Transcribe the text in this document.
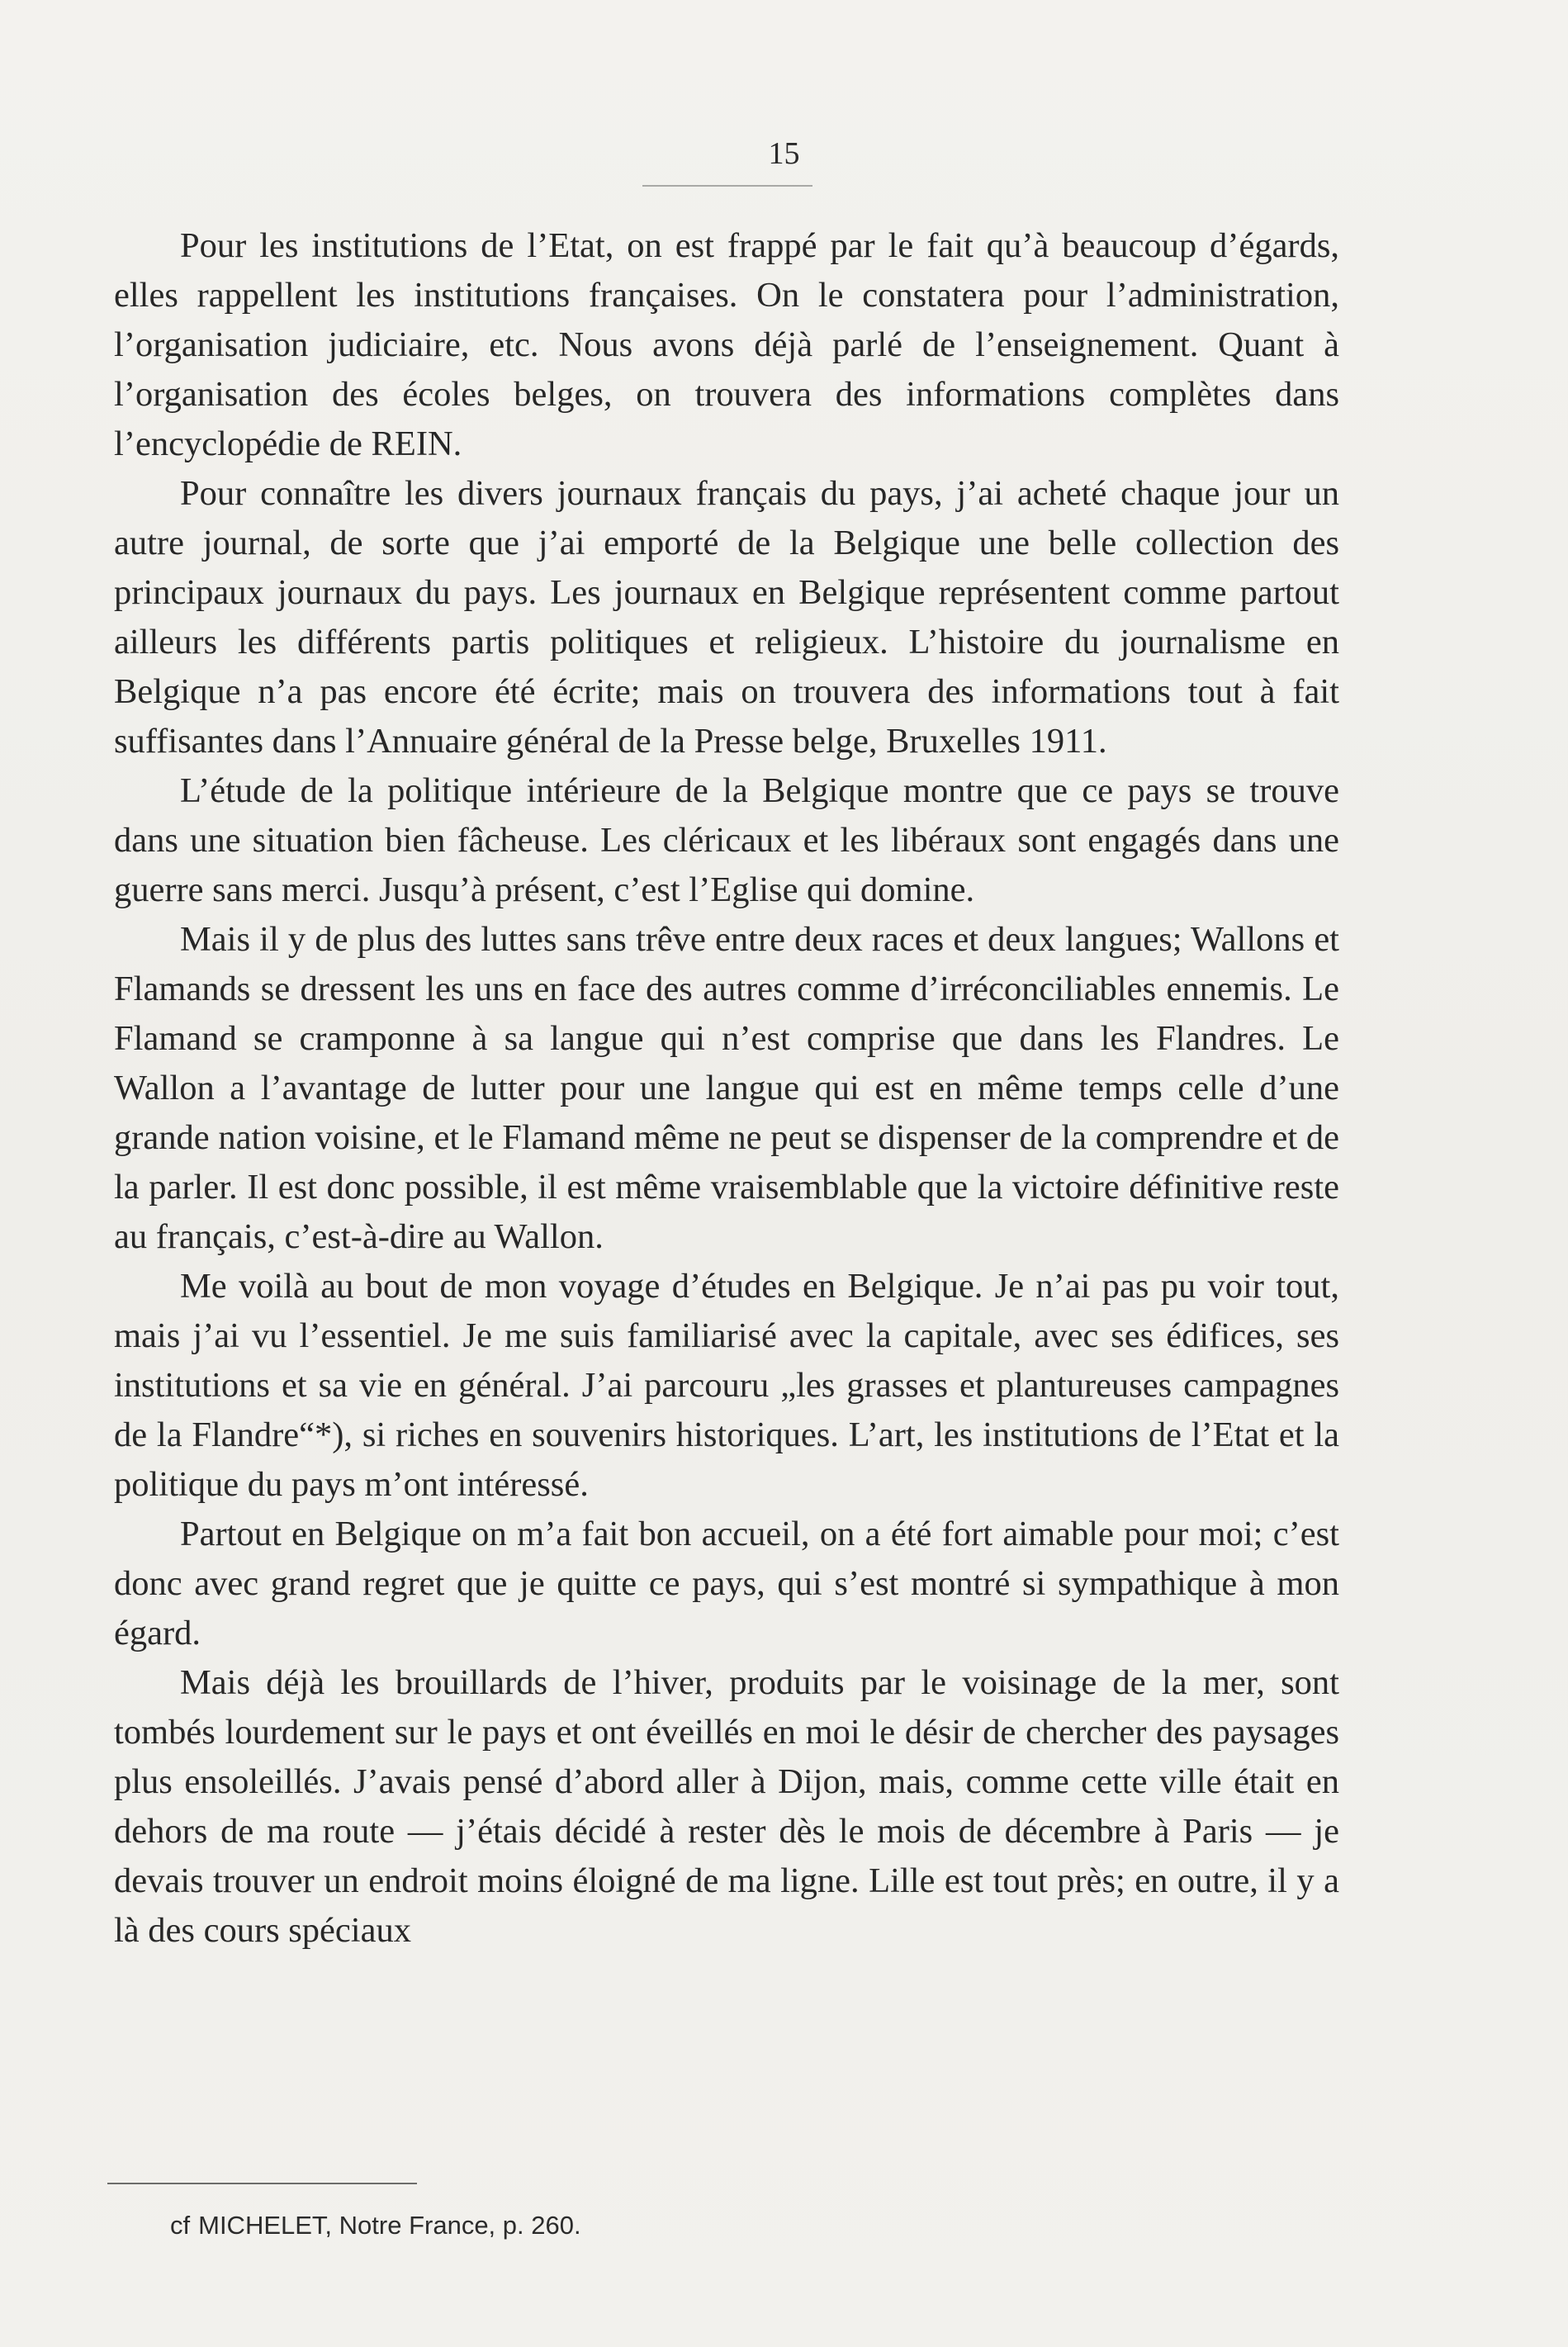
15

Pour les institutions de l’Etat, on est frappé par le fait qu’à beaucoup d’égards, elles rappellent les institutions françaises. On le constatera pour l’administration, l’organisation judiciaire, etc. Nous avons déjà parlé de l’enseignement. Quant à l’organisation des écoles belges, on trouvera des informations complètes dans l’encyclopédie de REIN.

Pour connaître les divers journaux français du pays, j’ai acheté chaque jour un autre journal, de sorte que j’ai emporté de la Belgique une belle collection des principaux journaux du pays. Les journaux en Belgique représentent comme partout ailleurs les différents partis politiques et religieux. L’histoire du journalisme en Belgique n’a pas encore été écrite; mais on trouvera des informations tout à fait suffisantes dans l’Annuaire général de la Presse belge, Bruxelles 1911.

L’étude de la politique intérieure de la Belgique montre que ce pays se trouve dans une situation bien fâcheuse. Les cléricaux et les libéraux sont engagés dans une guerre sans merci. Jusqu’à présent, c’est l’Eglise qui domine.

Mais il y de plus des luttes sans trêve entre deux races et deux langues; Wallons et Flamands se dressent les uns en face des autres comme d’irréconciliables ennemis. Le Flamand se cramponne à sa langue qui n’est comprise que dans les Flandres. Le Wallon a l’avantage de lutter pour une langue qui est en même temps celle d’une grande nation voisine, et le Flamand même ne peut se dispenser de la comprendre et de la parler. Il est donc possible, il est même vraisemblable que la victoire définitive reste au français, c’est-à-dire au Wallon.

Me voilà au bout de mon voyage d’études en Belgique. Je n’ai pas pu voir tout, mais j’ai vu l’essentiel. Je me suis familiarisé avec la capitale, avec ses édifices, ses institutions et sa vie en général. J’ai parcouru „les grasses et plantureuses campagnes de la Flandre“*), si riches en souvenirs historiques. L’art, les institutions de l’Etat et la politique du pays m’ont intéressé.

Partout en Belgique on m’a fait bon accueil, on a été fort aimable pour moi; c’est donc avec grand regret que je quitte ce pays, qui s’est montré si sympathique à mon égard.

Mais déjà les brouillards de l’hiver, produits par le voisinage de la mer, sont tombés lourdement sur le pays et ont éveillés en moi le désir de chercher des paysages plus ensoleillés. J’avais pensé d’abord aller à Dijon, mais, comme cette ville était en dehors de ma route — j’étais décidé à rester dès le mois de décembre à Paris — je devais trouver un endroit moins éloigné de ma ligne. Lille est tout près; en outre, il y a là des cours spéciaux

cf MICHELET, Notre France, p. 260.
